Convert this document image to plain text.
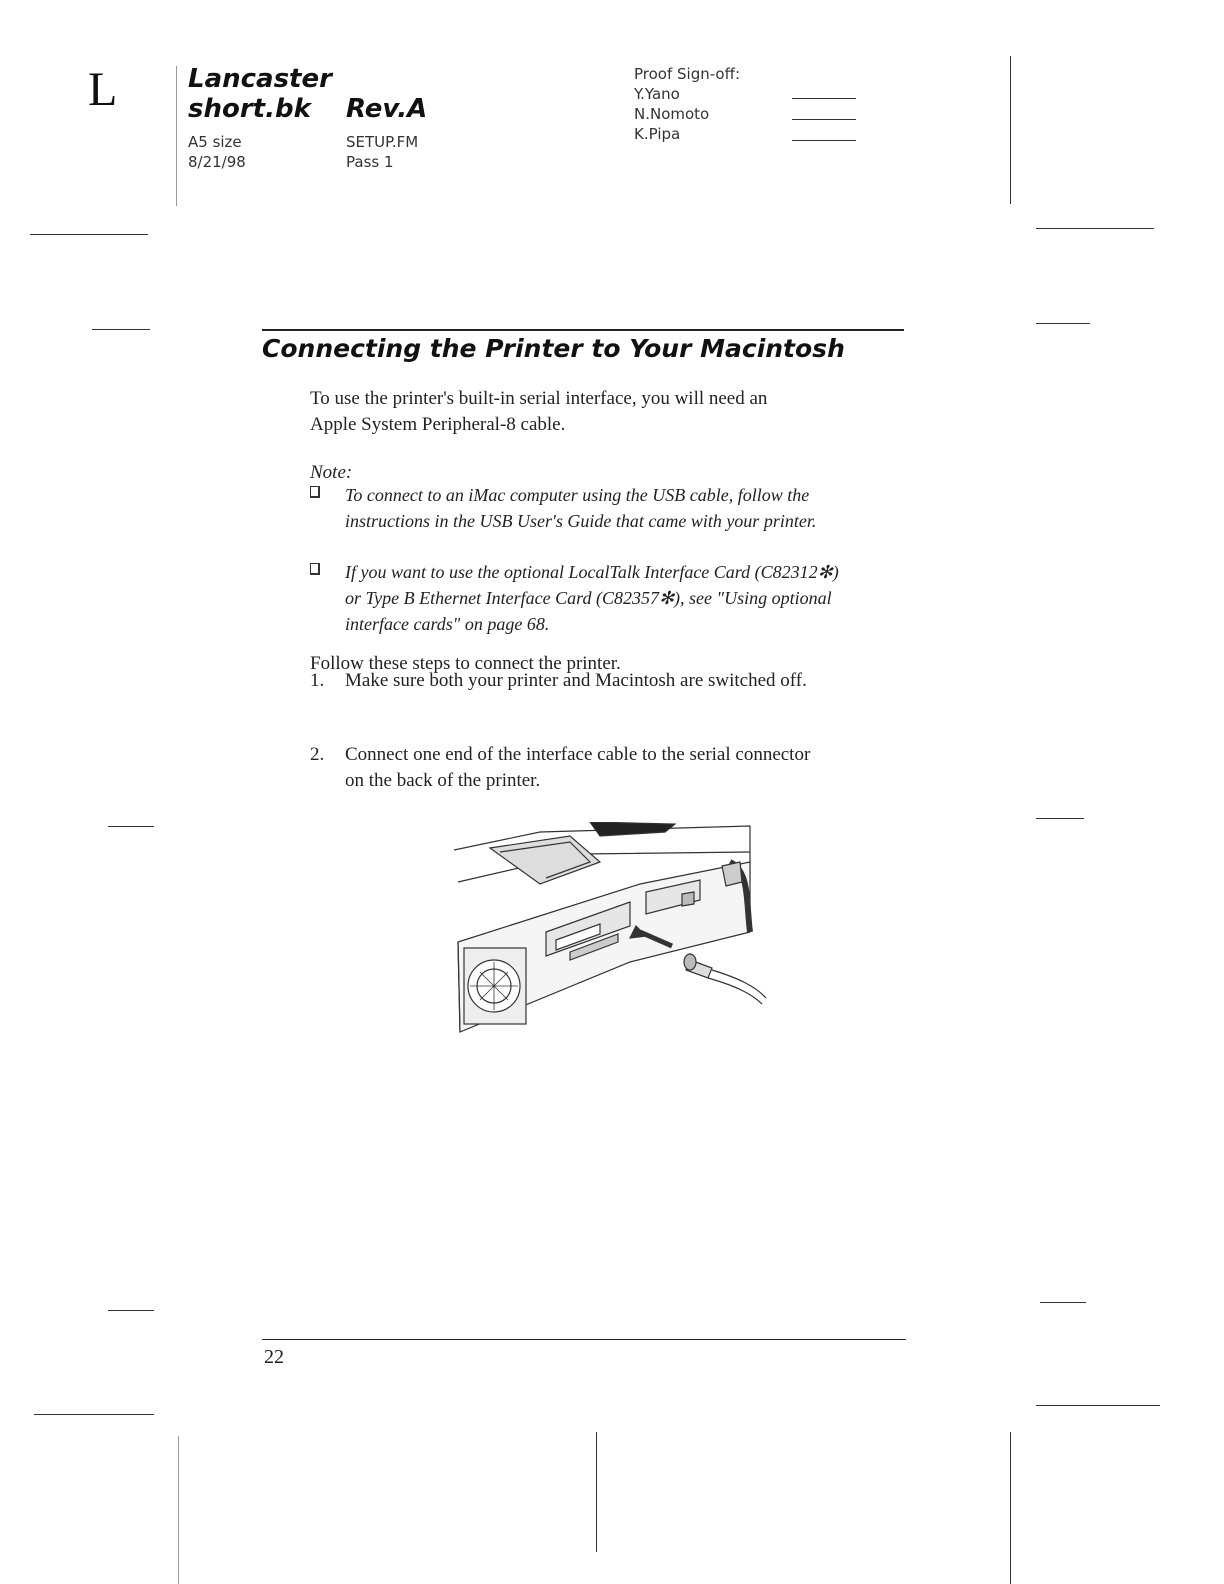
L	Lancaster
short.bk	Rev.A
A5 size
8/21/98
SETUP.FM
Pass 1
Proof Sign-off:
Y.Yano
N.Nomoto
K.Pipa
Connecting the Printer to Your Macintosh
To use the printer's built-in serial interface, you will need an
Apple System Peripheral-8 cable.
Note:
To connect to an iMac computer using the USB cable, follow the
instructions in the USB User's Guide that came with your printer.
If you want to use the optional LocalTalk Interface Card (C82312✻)
or Type B Ethernet Interface Card (C82357✻), see "Using optional
interface cards" on page 68.
Follow these steps to connect the printer.
1. Make sure both your printer and Macintosh are switched off.
2. Connect one end of the interface cable to the serial connector
on the back of the printer.
22
